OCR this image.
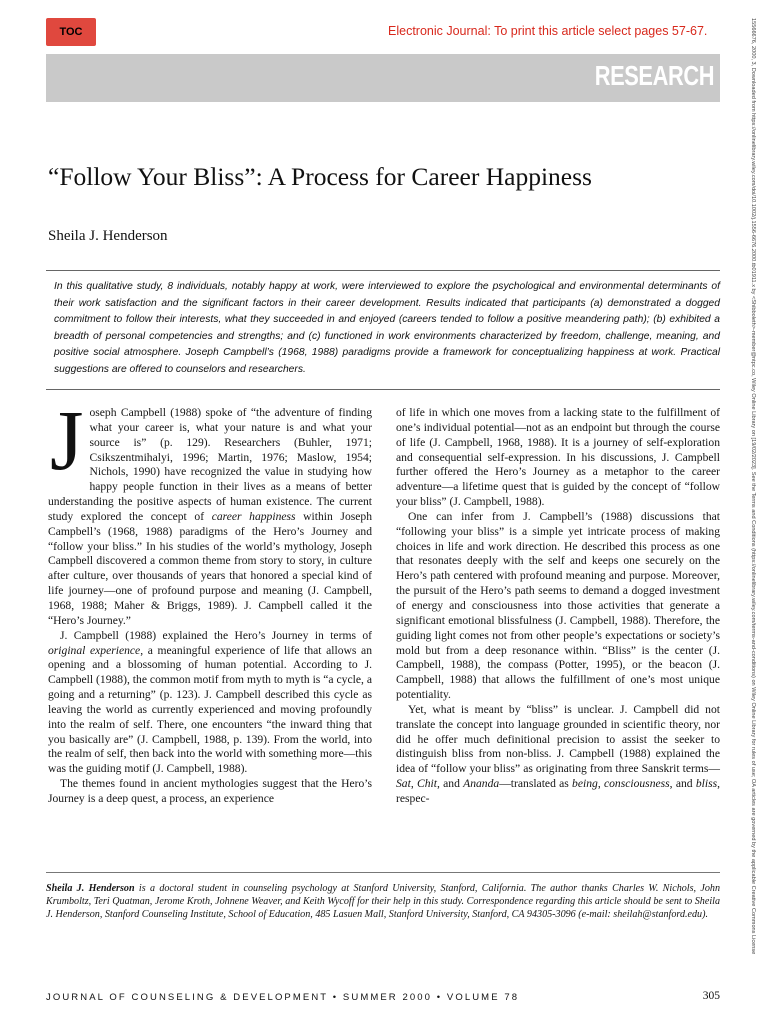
TOC	Electronic Journal: To print this article select pages 57-67.
RESEARCH	15566676, 2000, 3, Downloaded from https://onlinelibrary.wiley.com/doi/10.1002/j.1556-6676.2000.tb01911.x by <Shibboleth>-member@ntpc.co, Wiley Online Library on [19/02/2023]. See the Terms and Conditions (https://onlinelibrary.wiley.com/terms-and-conditions) on Wiley Online Library for rules of use; OA articles are governed by the applicable Creative Commons License
“Follow Your Bliss”: A Process for Career Happiness
Sheila J. Henderson
In this qualitative study, 8 individuals, notably happy at work, were interviewed to explore the psychological and environmental determinants of their work satisfaction and the significant factors in their career development. Results indicated that participants (a) demonstrated a dogged commitment to follow their interests, what they succeeded in and enjoyed (careers tended to follow a positive meandering path); (b) exhibited a breadth of personal competencies and strengths; and (c) functioned in work environments characterized by freedom, challenge, meaning, and positive social atmosphere. Joseph Campbell’s (1968, 1988) paradigms provide a framework for conceptualizing happiness at work. Practical suggestions are offered to counselors and researchers.

Joseph Campbell (1988) spoke of “the adventure of finding what your career is, what your nature is and what your source is” (p. 129). Researchers (Buhler, 1971; Csikszentmihalyi, 1996; Martin, 1976; Maslow, 1954; Nichols, 1990) have recognized the value in studying how happy people function in their lives as a means of better understanding the positive aspects of human existence. The current study explored the concept of career happiness within Joseph Campbell’s (1968, 1988) paradigms of the Hero’s Journey and “follow your bliss.” In his studies of the world’s mythology, Joseph Campbell discovered a common theme from story to story, in culture after culture, over thousands of years that honored a special kind of life journey—one of profound purpose and meaning (J. Campbell, 1968, 1988; Maher & Briggs, 1989). J. Campbell called it the “Hero’s Journey.”

J. Campbell (1988) explained the Hero’s Journey in terms of original experience, a meaningful experience of life that allows an opening and a blossoming of human potential. According to J. Campbell (1988), the common motif from myth to myth is “a cycle, a going and a returning” (p. 123). J. Campbell described this cycle as leaving the world as currently experienced and moving profoundly into the realm of self. There, one encounters “the inward thing that you basically are” (J. Campbell, 1988, p. 139). From the world, into the realm of self, then back into the world with something more—this was the guiding motif (J. Campbell, 1988).

The themes found in ancient mythologies suggest that the Hero’s Journey is a deep quest, a process, an experience

of life in which one moves from a lacking state to the fulfillment of one’s individual potential—not as an endpoint but through the course of life (J. Campbell, 1968, 1988). It is a journey of self-exploration and consequential self-expression. In his discussions, J. Campbell further offered the Hero’s Journey as a metaphor to the career adventure—a lifetime quest that is guided by the concept of “follow your bliss” (J. Campbell, 1988).

One can infer from J. Campbell’s (1988) discussions that “following your bliss” is a simple yet intricate process of making choices in life and work direction. He described this process as one that resonates deeply with the self and keeps one securely on the Hero’s path centered with profound meaning and purpose. Moreover, the pursuit of the Hero’s path seems to demand a dogged investment of energy and consciousness into those activities that generate a significant emotional blissfulness (J. Campbell, 1988). Therefore, the guiding light comes not from other people’s expectations or society’s mold but from a deep resonance within. “Bliss” is the center (J. Campbell, 1988), the compass (Potter, 1995), or the beacon (J. Campbell, 1988) that allows the fulfillment of one’s most unique potentiality.

Yet, what is meant by “bliss” is unclear. J. Campbell did not translate the concept into language grounded in scientific theory, nor did he offer much definitional precision to assist the seeker to distinguish bliss from non-bliss. J. Campbell (1988) explained the idea of “follow your bliss” as originating from three Sanskrit terms—Sat, Chit, and Ananda—translated as being, consciousness, and bliss, respec-

Sheila J. Henderson is a doctoral student in counseling psychology at Stanford University, Stanford, California. The author thanks Charles W. Nichols, John Krumboltz, Teri Quatman, Jerome Kroth, Johnene Weaver, and Keith Wycoff for their help in this study. Correspondence regarding this article should be sent to Sheila J. Henderson, Stanford Counseling Institute, School of Education, 485 Lasuen Mall, Stanford University, Stanford, CA 94305-3096 (e-mail: sheilah@stanford.edu).
JOURNAL OF COUNSELING & DEVELOPMENT • SUMMER 2000 • VOLUME 78	305
